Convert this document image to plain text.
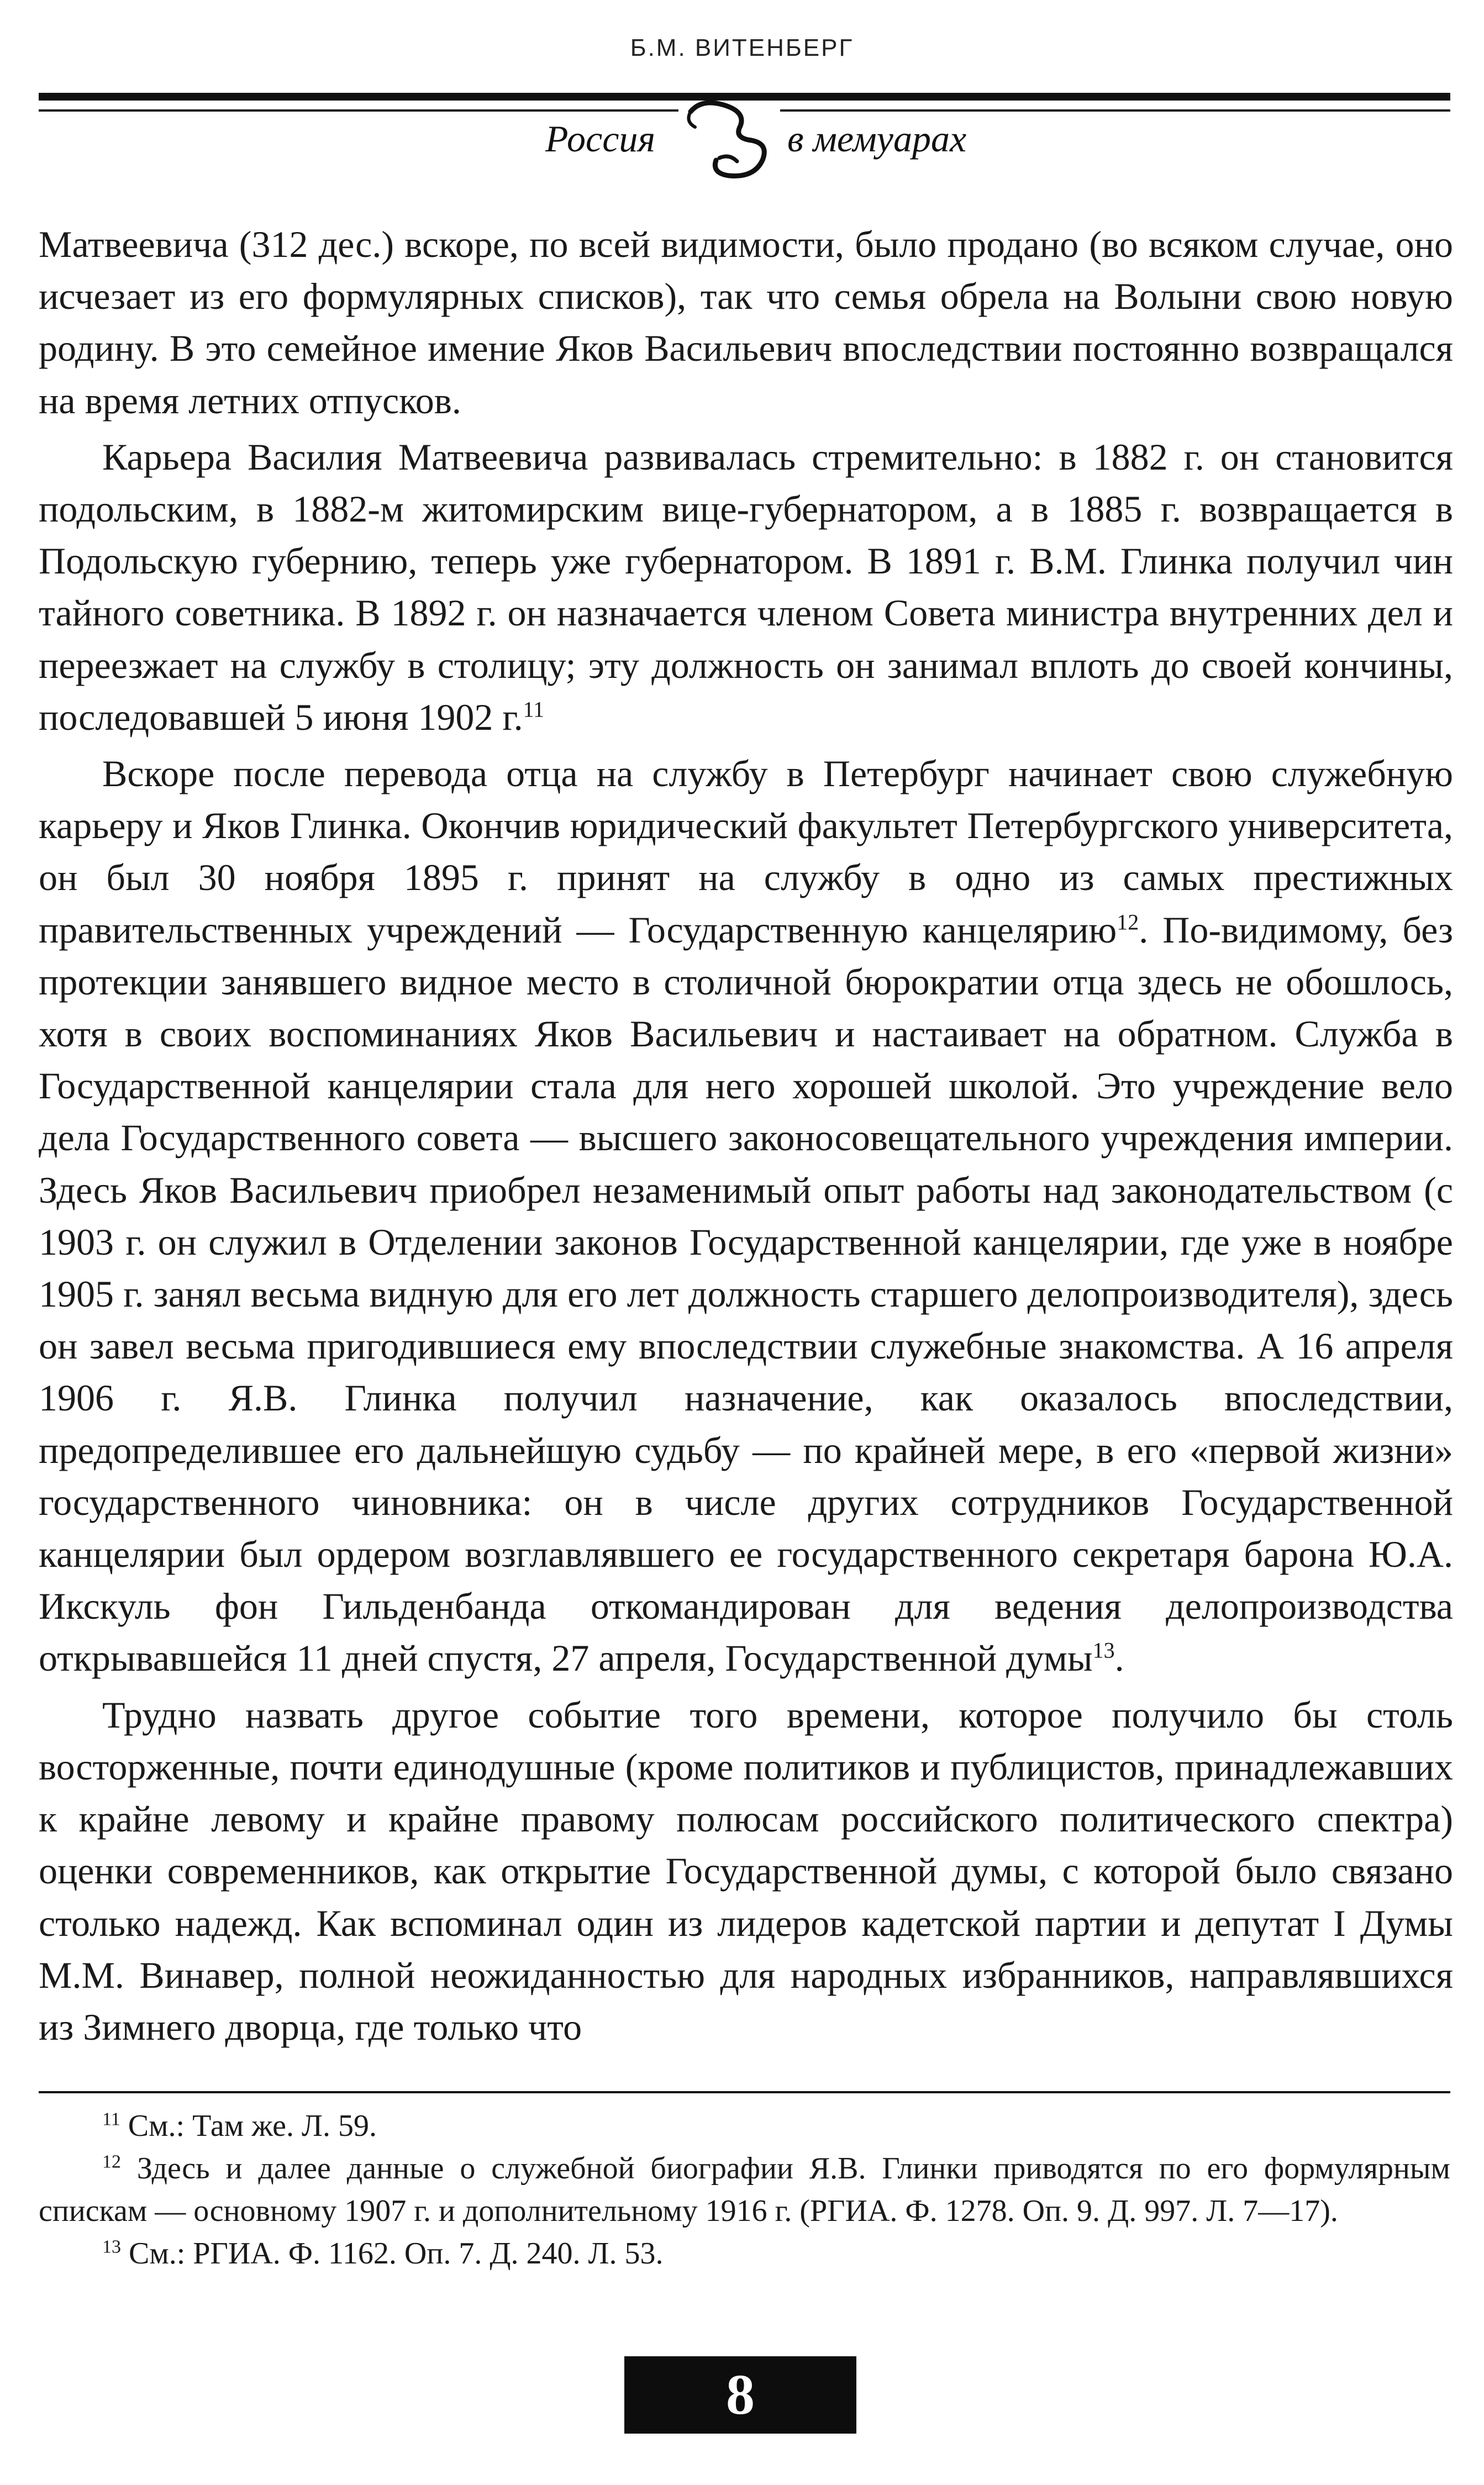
Б.М. ВИТЕНБЕРГ
Россия	в мемуарах

Матвеевича (312 дес.) вскоре, по всей видимости, было продано (во всяком случае, оно исчезает из его формулярных списков), так что семья обрела на Волыни свою новую родину. В это семейное имение Яков Васильевич впоследствии постоянно возвращался на время летних отпусков.

Карьера Василия Матвеевича развивалась стремительно: в 1882 г. он становится подольским, в 1882-м житомирским вице-губернатором, а в 1885 г. возвращается в Подольскую губернию, теперь уже губернатором. В 1891 г. В.М. Глинка получил чин тайного советника. В 1892 г. он назначается членом Совета министра внутренних дел и переезжает на службу в столицу; эту должность он занимал вплоть до своей кончины, последовавшей 5 июня 1902 г.$^{11}$

Вскоре после перевода отца на службу в Петербург начинает свою служебную карьеру и Яков Глинка. Окончив юридический факультет Петербургского университета, он был 30 ноября 1895 г. принят на службу в одно из самых престижных правительственных учреждений — Государственную канцелярию$^{12}$. По-видимому, без протекции занявшего видное место в столичной бюрократии отца здесь не обошлось, хотя в своих воспоминаниях Яков Васильевич и настаивает на обратном. Служба в Государственной канцелярии стала для него хорошей школой. Это учреждение вело дела Государственного совета — высшего законосовещательного учреждения империи. Здесь Яков Васильевич приобрел незаменимый опыт работы над законодательством (с 1903 г. он служил в Отделении законов Государственной канцелярии, где уже в ноябре 1905 г. занял весьма видную для его лет должность старшего делопроизводителя), здесь он завел весьма пригодившиеся ему впоследствии служебные знакомства. А 16 апреля 1906 г. Я.В. Глинка получил назначение, как оказалось впоследствии, предопределившее его дальнейшую судьбу — по крайней мере, в его «первой жизни» государственного чиновника: он в числе других сотрудников Государственной канцелярии был ордером возглавлявшего ее государственного секретаря барона Ю.А. Икскуль фон Гильденбанда откомандирован для ведения делопроизводства открывавшейся 11 дней спустя, 27 апреля, Государственной думы$^{13}$.

Трудно назвать другое событие того времени, которое получило бы столь восторженные, почти единодушные (кроме политиков и публицистов, принадлежавших к крайне левому и крайне правому полюсам российского политического спектра) оценки современников, как открытие Государственной думы, с которой было связано столько надежд. Как вспоминал один из лидеров кадетской партии и депутат I Думы М.М. Винавер, полной неожиданностью для народных избранников, направлявшихся из Зимнего дворца, где только что

$^{11}$ См.: Там же. Л. 59.

$^{12}$ Здесь и далее данные о служебной биографии Я.В. Глинки приводятся по его формулярным спискам — основному 1907 г. и дополнительному 1916 г. (РГИА. Ф. 1278. Оп. 9. Д. 997. Л. 7—17).

$^{13}$ См.: РГИА. Ф. 1162. Оп. 7. Д. 240. Л. 53.

8
